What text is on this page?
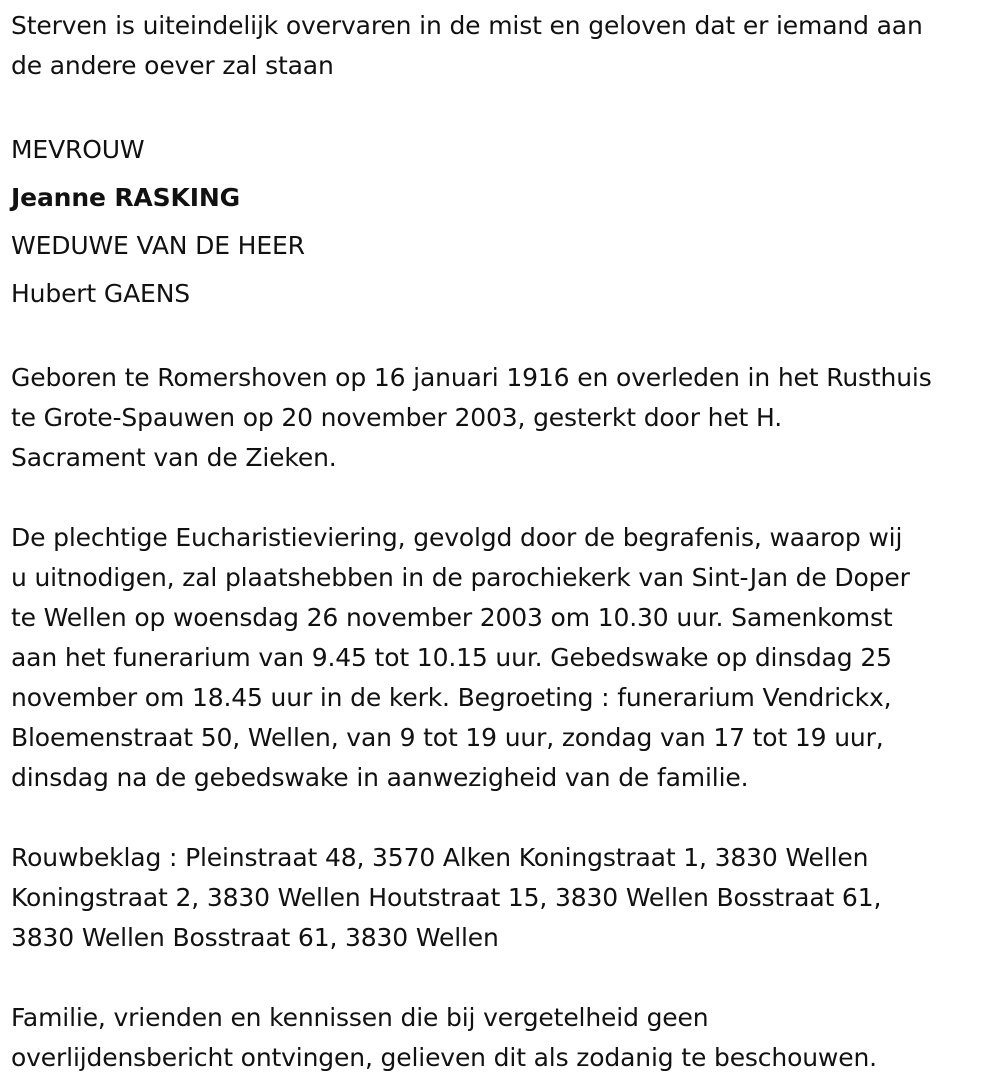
Sterven is uiteindelijk overvaren in de mist en geloven dat er iemand aan
de andere oever zal staan

MEVROUW

Jeanne RASKING

WEDUWE VAN DE HEER

Hubert GAENS

Geboren te Romershoven op 16 januari 1916 en overleden in het Rusthuis
te Grote-Spauwen op 20 november 2003, gesterkt door het H.
Sacrament van de Zieken.

De plechtige Eucharistieviering, gevolgd door de begrafenis, waarop wij
u uitnodigen, zal plaatshebben in de parochiekerk van Sint-Jan de Doper
te Wellen op woensdag 26 november 2003 om 10.30 uur. Samenkomst
aan het funerarium van 9.45 tot 10.15 uur. Gebedswake op dinsdag 25
november om 18.45 uur in de kerk. Begroeting : funerarium Vendrickx,
Bloemenstraat 50, Wellen, van 9 tot 19 uur, zondag van 17 tot 19 uur,
dinsdag na de gebedswake in aanwezigheid van de familie.

Rouwbeklag : Pleinstraat 48, 3570 Alken Koningstraat 1, 3830 Wellen
Koningstraat 2, 3830 Wellen Houtstraat 15, 3830 Wellen Bosstraat 61,
3830 Wellen Bosstraat 61, 3830 Wellen

Familie, vrienden en kennissen die bij vergetelheid geen
overlijdensbericht ontvingen, gelieven dit als zodanig te beschouwen.
